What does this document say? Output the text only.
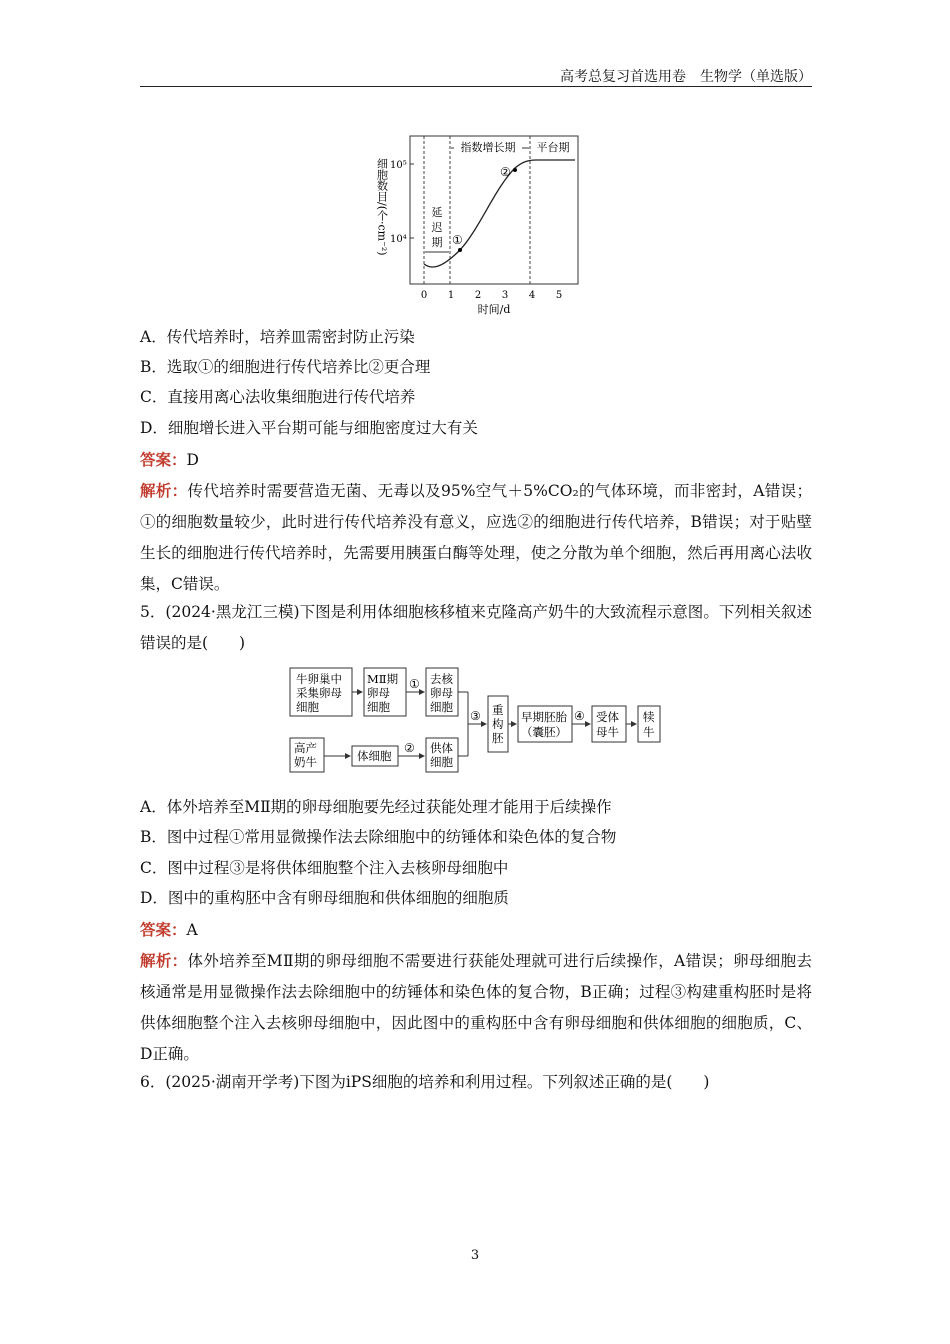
高考总复习首选用卷　生物学（单选版）
细胞数目/(个·cm⁻²) 10⁵
10⁴
0 1 2 3 4 5
时间/d
指数增长期 平台期
延迟期 ①
②
A．传代培养时，培养皿需密封防止污染
B．选取①的细胞进行传代培养比②更合理
C．直接用离心法收集细胞进行传代培养
D．细胞增长进入平台期可能与细胞密度过大有关
答案：D
解析：传代培养时需要营造无菌、无毒以及95%空气＋5%CO₂的气体环境，而非密封，A错误；①的细胞数量较少，此时进行传代培养没有意义，应选②的细胞进行传代培养，B错误；对于贴壁生长的细胞进行传代培养时，先需要用胰蛋白酶等处理，使之分散为单个细胞，然后再用离心法收集，C错误。
5．(2024·黑龙江三模)下图是利用体细胞核移植来克隆高产奶牛的大致流程示意图。下列相关叙述错误的是(　　)
牛卵巢中采集卵母细胞
MⅡ期卵母细胞
① 去核卵母细胞
高产奶牛	体细胞
② 供体细胞
③ 重构胚
早期胚胎（囊胚）
④ 受体母牛
犊牛
A．体外培养至MⅡ期的卵母细胞要先经过获能处理才能用于后续操作
B．图中过程①常用显微操作法去除细胞中的纺锤体和染色体的复合物
C．图中过程③是将供体细胞整个注入去核卵母细胞中
D．图中的重构胚中含有卵母细胞和供体细胞的细胞质
答案：A
解析：体外培养至MⅡ期的卵母细胞不需要进行获能处理就可进行后续操作，A错误；卵母细胞去核通常是用显微操作法去除细胞中的纺锤体和染色体的复合物，B正确；过程③构建重构胚时是将供体细胞整个注入去核卵母细胞中，因此图中的重构胚中含有卵母细胞和供体细胞的细胞质，C、D正确。
6．(2025·湖南开学考)下图为iPS细胞的培养和利用过程。下列叙述正确的是(　　)
3
